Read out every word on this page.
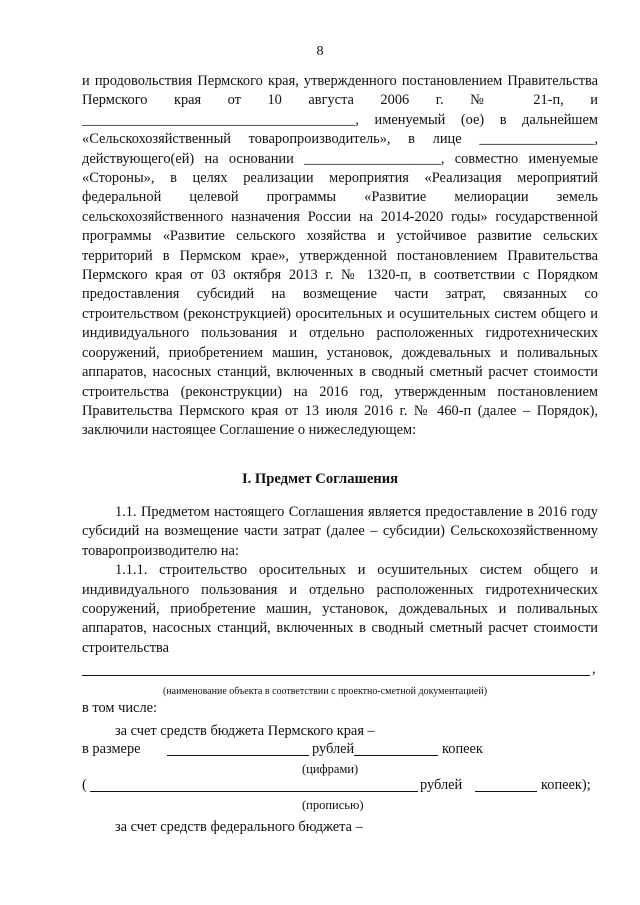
8

и продовольствия Пермского края, утвержденного постановлением Правительства Пермского края от 10 августа 2006 г. № 21-п, и ______________________________________, именуемый (ое) в дальнейшем «Сельскохозяйственный товаропроизводитель», в лице ________________, действующего(ей) на основании ___________________, совместно именуемые «Стороны», в целях реализации мероприятия «Реализация мероприятий федеральной целевой программы «Развитие мелиорации земель сельскохозяйственного назначения России на 2014-2020 годы» государственной программы «Развитие сельского хозяйства и устойчивое развитие сельских территорий в Пермском крае», утвержденной постановлением Правительства Пермского края от 03 октября 2013 г. № 1320-п, в соответствии с Порядком предоставления субсидий на возмещение части затрат, связанных со строительством (реконструкцией) оросительных и осушительных систем общего и индивидуального пользования и отдельно расположенных гидротехнических сооружений, приобретением машин, установок, дождевальных и поливальных аппаратов, насосных станций, включенных в сводный сметный расчет стоимости строительства (реконструкции) на 2016 год, утвержденным постановлением Правительства Пермского края от 13 июля 2016 г. № 460-п (далее – Порядок), заключили настоящее Соглашение о нижеследующем:

I. Предмет Соглашения

1.1. Предметом настоящего Соглашения является предоставление в 2016 году субсидий на возмещение части затрат (далее – субсидии) Сельскохозяйственному товаропроизводителю на:

1.1.1. строительство оросительных и осушительных систем общего и индивидуального пользования и отдельно расположенных гидротехнических сооружений, приобретение машин, установок, дождевальных и поливальных аппаратов, насосных станций, включенных в сводный сметный расчет стоимости строительства

,
(наименование объекта в соответствии с проектно-сметной документацией)
в том числе:
за счет средств бюджета Пермского края –
в размере	рублей	копеек
(цифрами)
(	рублей	копеек);
(прописью)
за счет средств федерального бюджета –
